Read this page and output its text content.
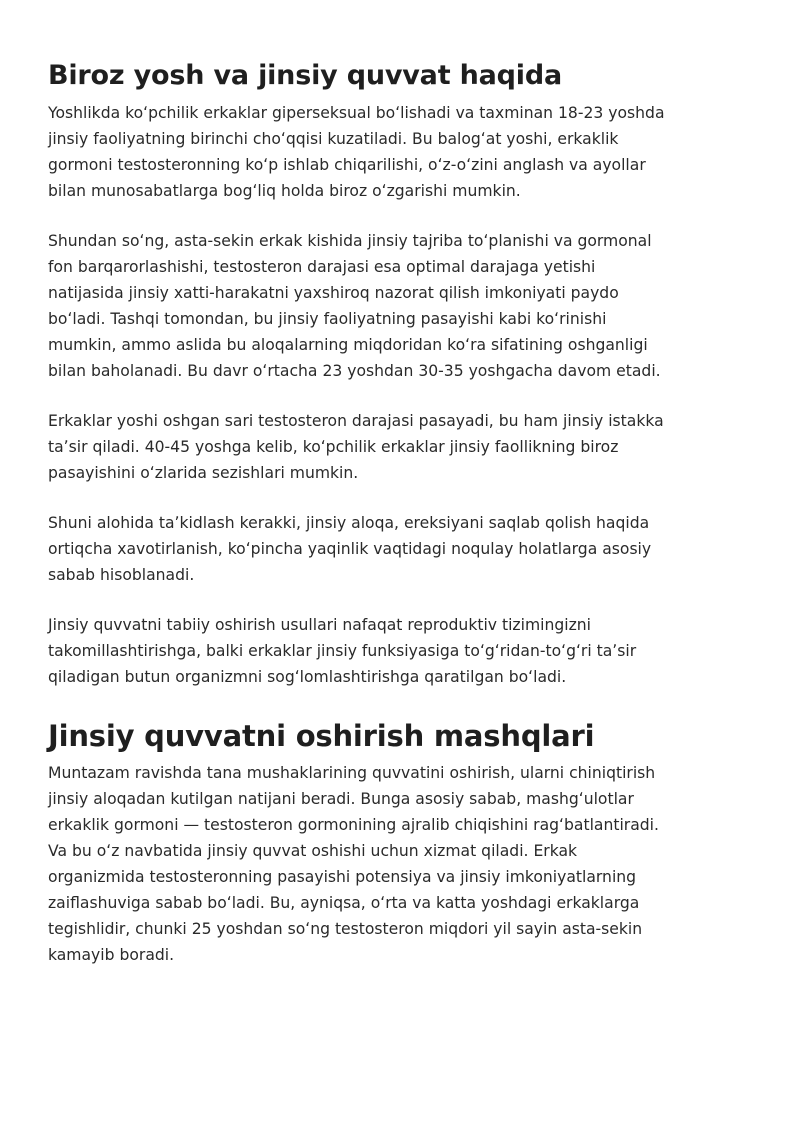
Biroz yosh va jinsiy quvvat haqida

Yoshlikda koʻpchilik erkaklar giperseksual boʻlishadi va taxminan 18-23 yoshda
jinsiy faoliyatning birinchi choʻqqisi kuzatiladi. Bu balogʻat yoshi, erkaklik
gormoni testosteronning koʻp ishlab chiqarilishi, oʻz-oʻzini anglash va ayollar
bilan munosabatlarga bogʻliq holda biroz oʻzgarishi mumkin.

Shundan soʻng, asta-sekin erkak kishida jinsiy tajriba toʻplanishi va gormonal
fon barqarorlashishi, testosteron darajasi esa optimal darajaga yetishi
natijasida jinsiy xatti-harakatni yaxshiroq nazorat qilish imkoniyati paydo
boʻladi. Tashqi tomondan, bu jinsiy faoliyatning pasayishi kabi koʻrinishi
mumkin, ammo aslida bu aloqalarning miqdoridan koʻra sifatining oshganligi
bilan baholanadi. Bu davr oʻrtacha 23 yoshdan 30-35 yoshgacha davom etadi.

Erkaklar yoshi oshgan sari testosteron darajasi pasayadi, bu ham jinsiy istakka
taʼsir qiladi. 40-45 yoshga kelib, koʻpchilik erkaklar jinsiy faollikning biroz
pasayishini oʻzlarida sezishlari mumkin.

Shuni alohida taʼkidlash kerakki, jinsiy aloqa, ereksiyani saqlab qolish haqida
ortiqcha xavotirlanish, koʻpincha yaqinlik vaqtidagi noqulay holatlarga asosiy
sabab hisoblanadi.

Jinsiy quvvatni tabiiy oshirish usullari nafaqat reproduktiv tizimingizni
takomillashtirishga, balki erkaklar jinsiy funksiyasiga toʻgʻridan-toʻgʻri taʼsir
qiladigan butun organizmni sogʻlomlashtirishga qaratilgan boʻladi.

Jinsiy quvvatni oshirish mashqlari

Muntazam ravishda tana mushaklarining quvvatini oshirish, ularni chiniqtirish
jinsiy aloqadan kutilgan natijani beradi. Bunga asosiy sabab, mashgʻulotlar
erkaklik gormoni — testosteron gormonining ajralib chiqishini ragʻbatlantiradi.
Va bu oʻz navbatida jinsiy quvvat oshishi uchun xizmat qiladi. Erkak
organizmida testosteronning pasayishi potensiya va jinsiy imkoniyatlarning
zaiflashuviga sabab boʻladi. Bu, ayniqsa, oʻrta va katta yoshdagi erkaklarga
tegishlidir, chunki 25 yoshdan soʻng testosteron miqdori yil sayin asta-sekin
kamayib boradi.
